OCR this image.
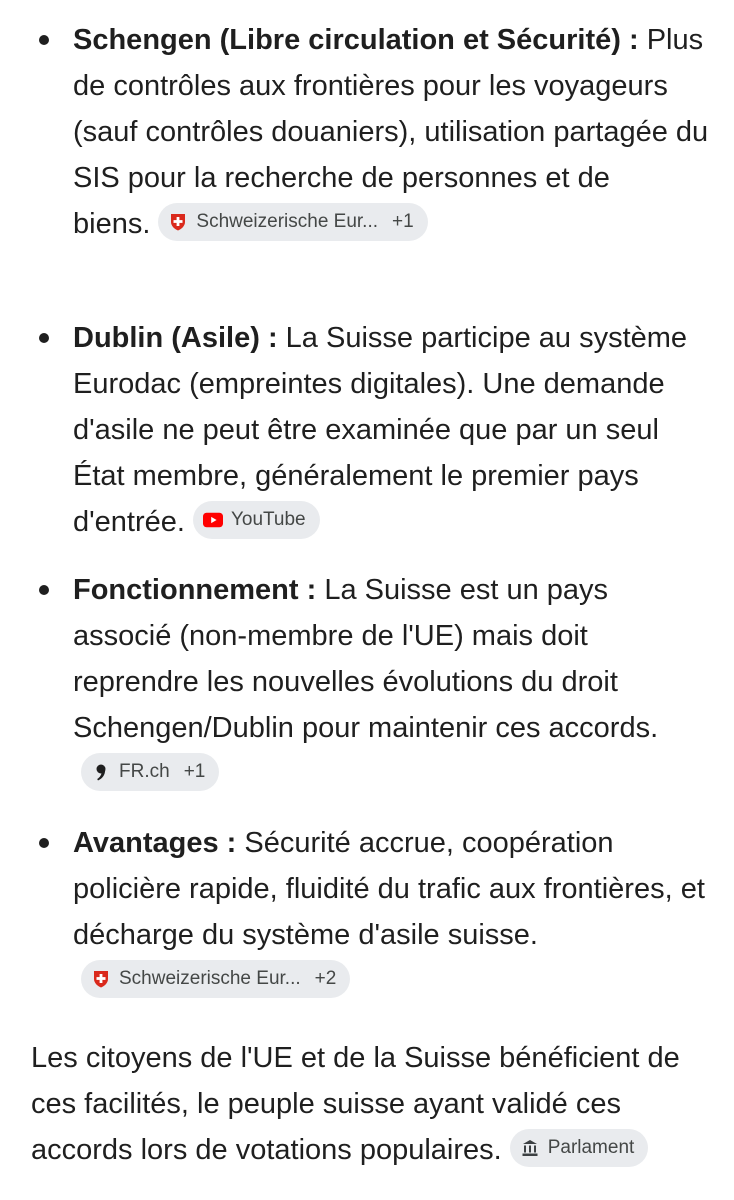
Schengen (Libre circulation et Sécurité) : Plus de contrôles aux frontières pour les voyageurs (sauf contrôles douaniers), utilisation partagée du SIS pour la recherche de personnes et de
biens. Schweizerische Eur... +1
Dublin (Asile) : La Suisse participe au système Eurodac (empreintes digitales). Une demande d'asile ne peut être examinée que par un seul État membre, généralement le premier pays d'entrée. YouTube
Fonctionnement : La Suisse est un pays associé (non-membre de l'UE) mais doit reprendre les nouvelles évolutions du droit Schengen/Dublin pour maintenir ces accords.
FR.ch +1
Avantages : Sécurité accrue, coopération policière rapide, fluidité du trafic aux frontières, et décharge du système d'asile suisse.
Schweizerische Eur... +2

Les citoyens de l'UE et de la Suisse bénéficient de ces facilités, le peuple suisse ayant validé ces accords lors de votations populaires. Parlament
